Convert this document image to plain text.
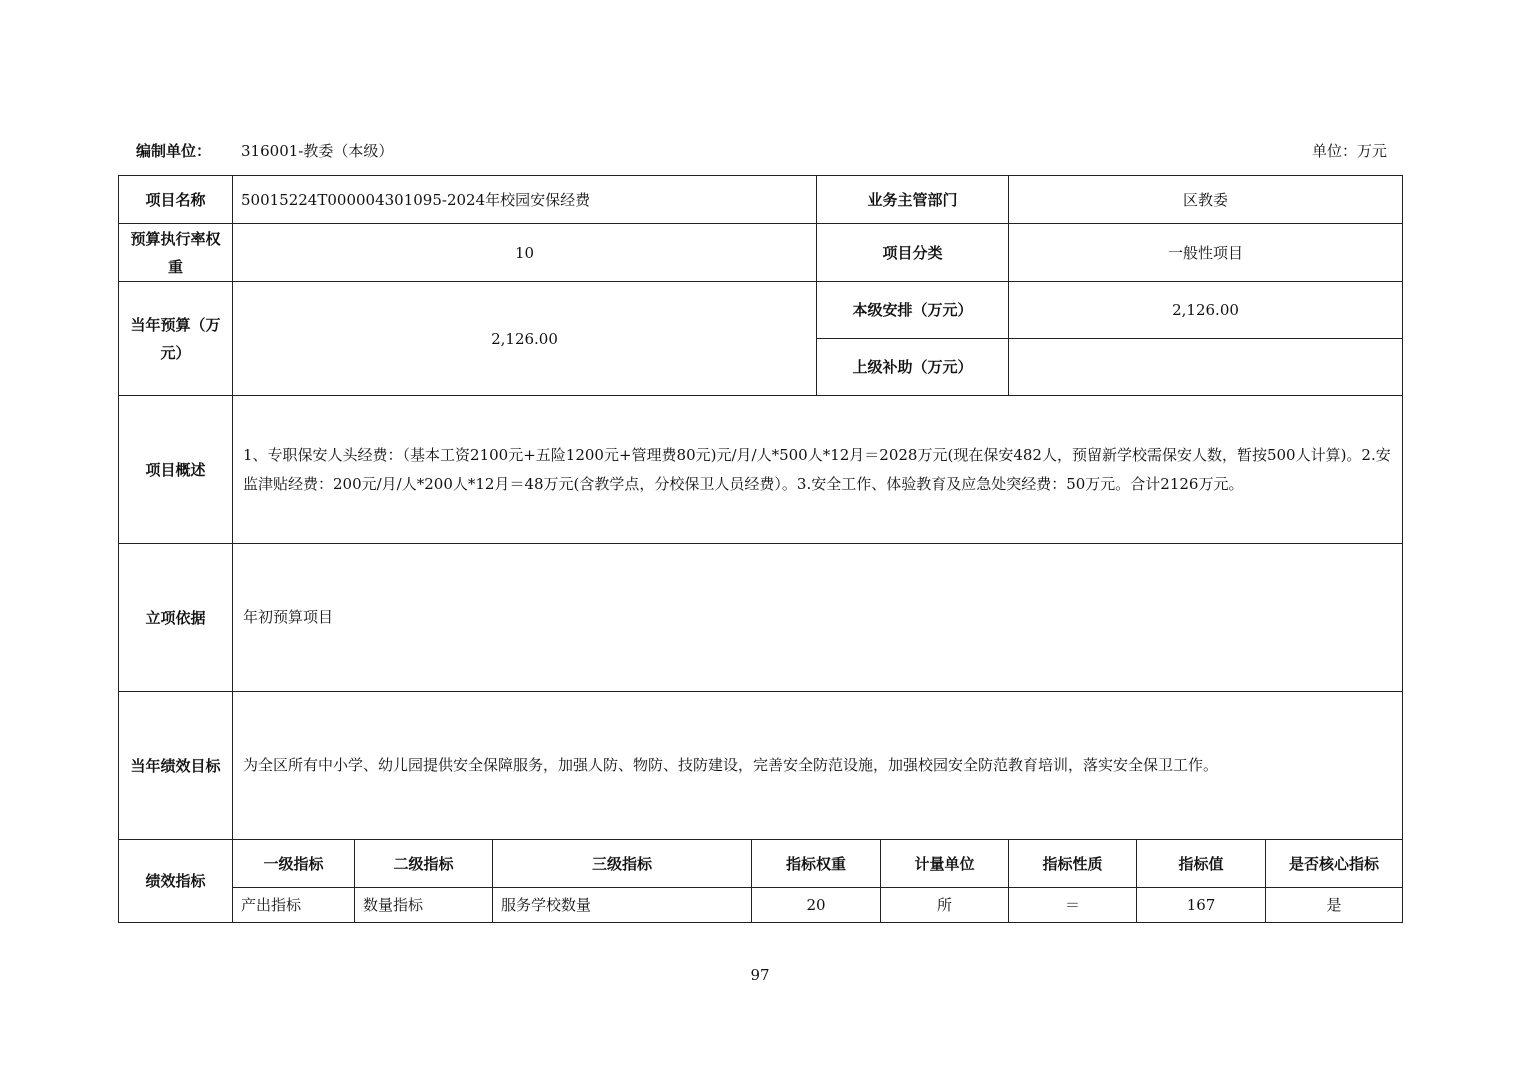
编制单位： 316001-教委（本级）	单位：万元
项目名称	50015224T000004301095-2024年校园安保经费				业务主管部门		区教委		
预算执行率权重	10				项目分类		一般性项目		
当年预算（万元）	2,126.00				本级安排（万元）		2,126.00		
					上级补助（万元）				
项目概述	1、专职保安人头经费：（基本工资2100元+五险1200元+管理费80元)元/月/人*500人*12月＝2028万元(现在保安482人，预留新学校需保安人数，暂按500人计算)。2.安监津贴经费：200元/月/人*200人*12月＝48万元(含教学点，分校保卫人员经费）。3.安全工作、体验教育及应急处突经费：50万元。合计2126万元。								
立项依据	年初预算项目								
当年绩效目标	为全区所有中小学、幼儿园提供安全保障服务，加强人防、物防、技防建设，完善安全防范设施，加强校园安全防范教育培训，落实安全保卫工作。								
绩效指标	一级指标	二级指标	三级指标	指标权重		计量单位	指标性质	指标值	是否核心指标
	产出指标	数量指标	服务学校数量	20		所	＝	167	是
97
